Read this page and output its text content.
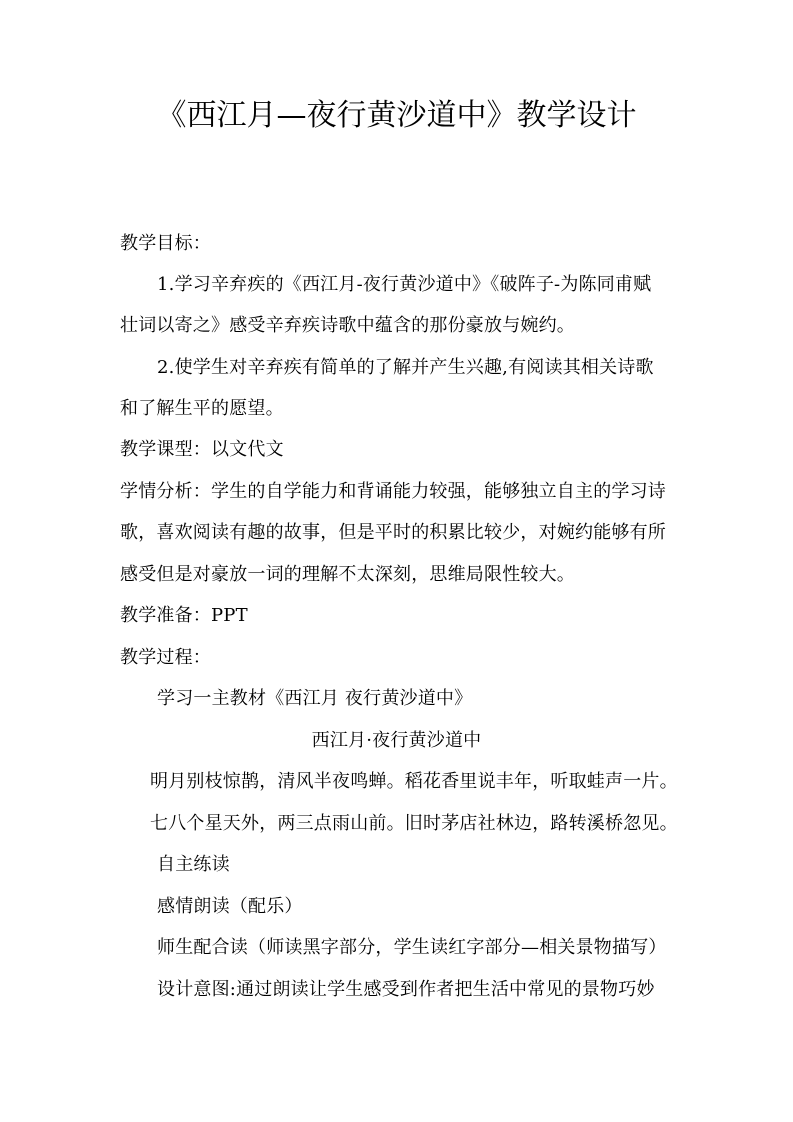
《西江月—夜行黄沙道中》教学设计
教学目标：
1.学习辛弃疾的《西江月-夜行黄沙道中》《破阵子-为陈同甫赋
壮词以寄之》感受辛弃疾诗歌中蕴含的那份豪放与婉约。
2.使学生对辛弃疾有简单的了解并产生兴趣,有阅读其相关诗歌
和了解生平的愿望。
教学课型：以文代文
学情分析：学生的自学能力和背诵能力较强，能够独立自主的学习诗
歌，喜欢阅读有趣的故事，但是平时的积累比较少，对婉约能够有所
感受但是对豪放一词的理解不太深刻，思维局限性较大。
教学准备：PPT
教学过程：
学习一主教材《西江月 夜行黄沙道中》
西江月·夜行黄沙道中
明月别枝惊鹊，清风半夜鸣蝉。稻花香里说丰年，听取蛙声一片。
七八个星天外，两三点雨山前。旧时茅店社林边，路转溪桥忽见。
自主练读
感情朗读（配乐）
师生配合读（师读黑字部分，学生读红字部分—相关景物描写）
设计意图:通过朗读让学生感受到作者把生活中常见的景物巧妙
